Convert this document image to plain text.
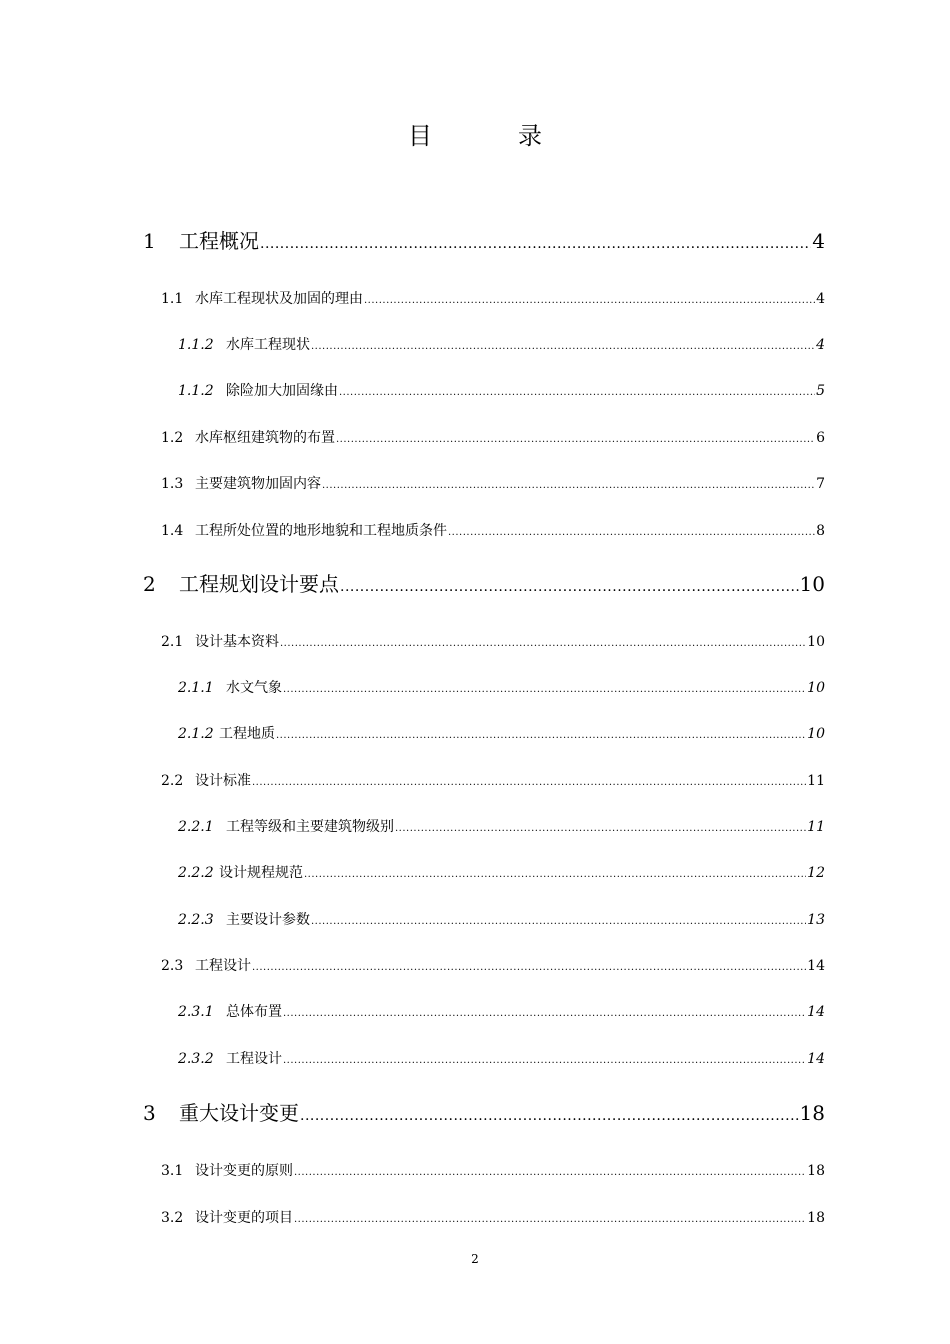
目	录
1	工程概况 .....	4
1.1 水库工程现状及加固的理由 .....	4
1.1.2 水库工程现状 .....	4
1.1.2 除险加大加固缘由 .....	5
1.2 水库枢纽建筑物的布置 .....	6
1.3 主要建筑物加固内容 .....	7
1.4 工程所处位置的地形地貌和工程地质条件 .....	8
2	工程规划设计要点 .....	10
2.1 设计基本资料 .....	10
2.1.1 水文气象 .....	10
2.1.2 工程地质 .....	10
2.2 设计标准 .....	11
2.2.1 工程等级和主要建筑物级别 .....	11
2.2.2 设计规程规范 .....	12
2.2.3 主要设计参数 .....	13
2.3 工程设计 .....	14
2.3.1 总体布置 .....	14
2.3.2 工程设计 .....	14
3	重大设计变更 .....	18
3.1 设计变更的原则 .....	18
3.2 设计变更的项目 .....	18
2
